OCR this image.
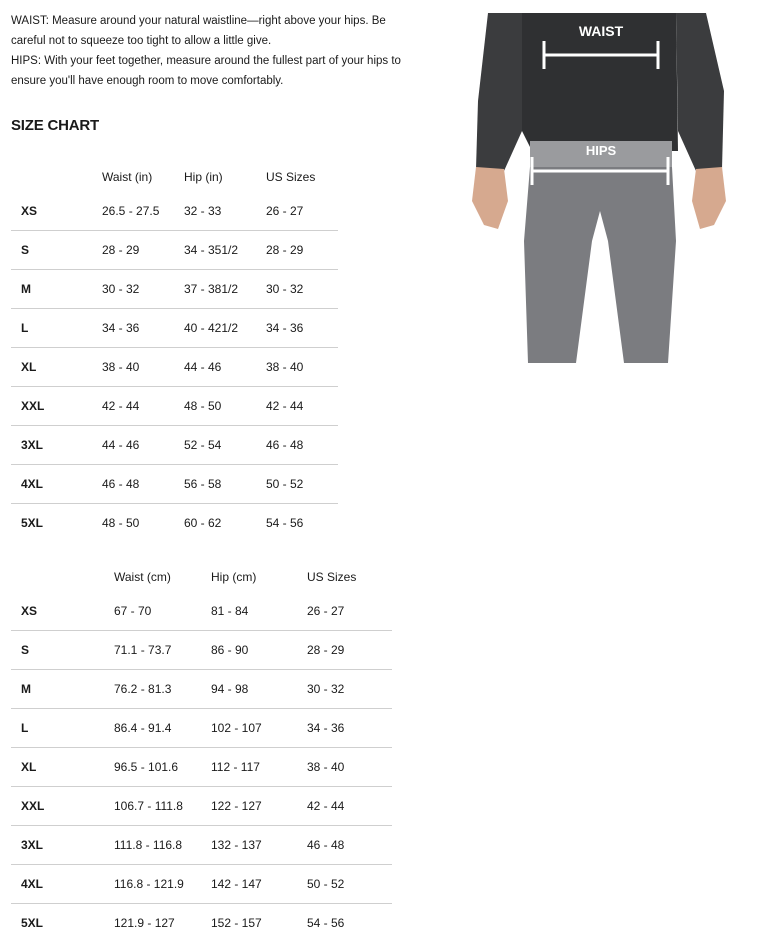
WAIST: Measure around your natural waistline—right above your hips. Be careful not to squeeze too tight to allow a little give.

HIPS: With your feet together, measure around the fullest part of your hips to ensure you'll have enough room to move comfortably.

SIZE CHART
	Waist (in)	Hip (in)	US Sizes
XS	26.5 - 27.5	32 - 33	26 - 27
S	28 - 29	34 - 351/2	28 - 29
M	30 - 32	37 - 381/2	30 - 32
L	34 - 36	40 - 421/2	34 - 36
XL	38 - 40	44 - 46	38 - 40
XXL	42 - 44	48 - 50	42 - 44
3XL	44 - 46	52 - 54	46 - 48
4XL	46 - 48	56 - 58	50 - 52
5XL	48 - 50	60 - 62	54 - 56
	Waist (cm)	Hip (cm)	US Sizes
XS	67 - 70	81 - 84	26 - 27
S	71.1 - 73.7	86 - 90	28 - 29
M	76.2 - 81.3	94 - 98	30 - 32
L	86.4 - 91.4	102 - 107	34 - 36
XL	96.5 - 101.6	112 - 117	38 - 40
XXL	106.7 - 111.8	122 - 127	42 - 44
3XL	111.8 - 116.8	132 - 137	46 - 48
4XL	116.8 - 121.9	142 - 147	50 - 52
5XL	121.9 - 127	152 - 157	54 - 56
WAIST
HIPS
